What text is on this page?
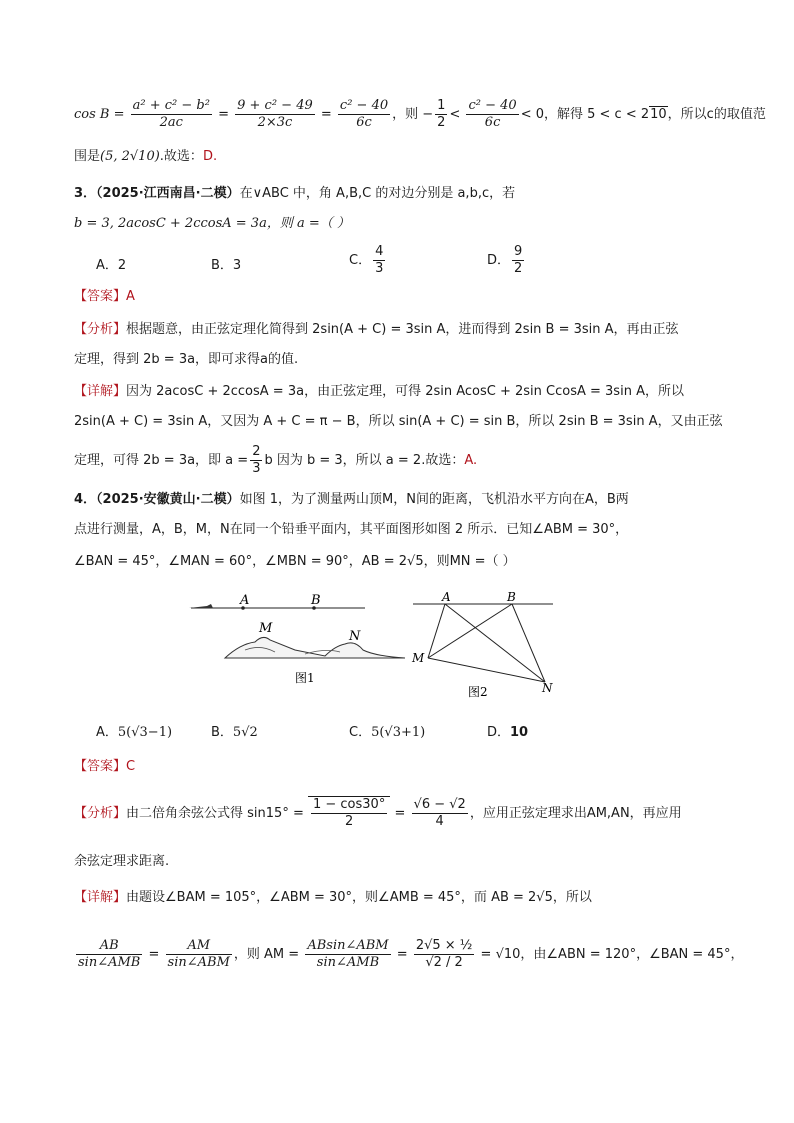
$\cos B = \frac{\text{a² + c² − b²}}{2ac} = \frac{\text{9 + c² − 49}}{2\times 3c} = \frac{\text{c² − 40}}{6c}$ ，则 − $\frac{1}{2} < \frac{\text{c² − 40}}{6c} < 0$，解得 5 < c < 210，所以c的取值范
围是(5, 2√10).故选：D.
3．（2025·江西南昌·二模）在∨ABC 中，角 A,B,C 的对边分别是 a,b,c，若
b = 3, 2acosC + 2ccosA = 3a，则 a =（ ）
A．2	B．3	C． $\frac{4}{3}$	D． $\frac{9}{2}$
【答案】A
【分析】根据题意，由正弦定理化简得到 2sin(A + C) = 3sin A，进而得到 2sin B = 3sin A，再由正弦
定理，得到 2b = 3a，即可求得a的值.
【详解】因为 2acosC + 2ccosA = 3a，由正弦定理，可得 2sin AcosC + 2sin CcosA = 3sin A，所以
2sin(A + C) = 3sin A，又因为 A + C = π − B，所以 sin(A + C) = sin B，所以 2sin B = 3sin A，又由正弦
定理，可得 2b = 3a，即 $a = \frac{2}{3}$ b 因为 b = 3，所以 a = 2.故选：A.
4．（2025·安徽黄山·二模）如图 1，为了测量两山顶M，N间的距离，飞机沿水平方向在A，B两
点进行测量，A，B，M，N在同一个铅垂平面内，其平面图形如图 2 所示．已知∠ABM = 30°，
∠BAN = 45°，∠MAN = 60°，∠MBN = 90°，AB = 2√5，则MN =（ ）
A	B
M
N
图1
A	B
M
N
图2
A．5(√3−1)	B．5√2	C．5(√3+1)	D．10
【答案】C
【分析】由二倍角余弦公式得 $\sin 15^\circ = \frac{1 - \cos 30^\circ}{2} = \frac{√6 - √2}{4}$ ，应用正弦定理求出AM,AN，再应用
余弦定理求距离.
【详解】由题设∠BAM = 105°，∠ABM = 30°，则∠AMB = 45°，而 AB = 2√5，所以
$\frac{AB}{\text{sin∠AMB}} = \frac{AM}{\text{sin∠ABM}}$ ，则 AM = $\frac{\text{ABsin∠ABM}}{\text{sin∠AMB}} = \frac{\text{2√5 × ½}}{√2 / 2} = √10$，由∠ABN = 120°，∠BAN = 45°，
